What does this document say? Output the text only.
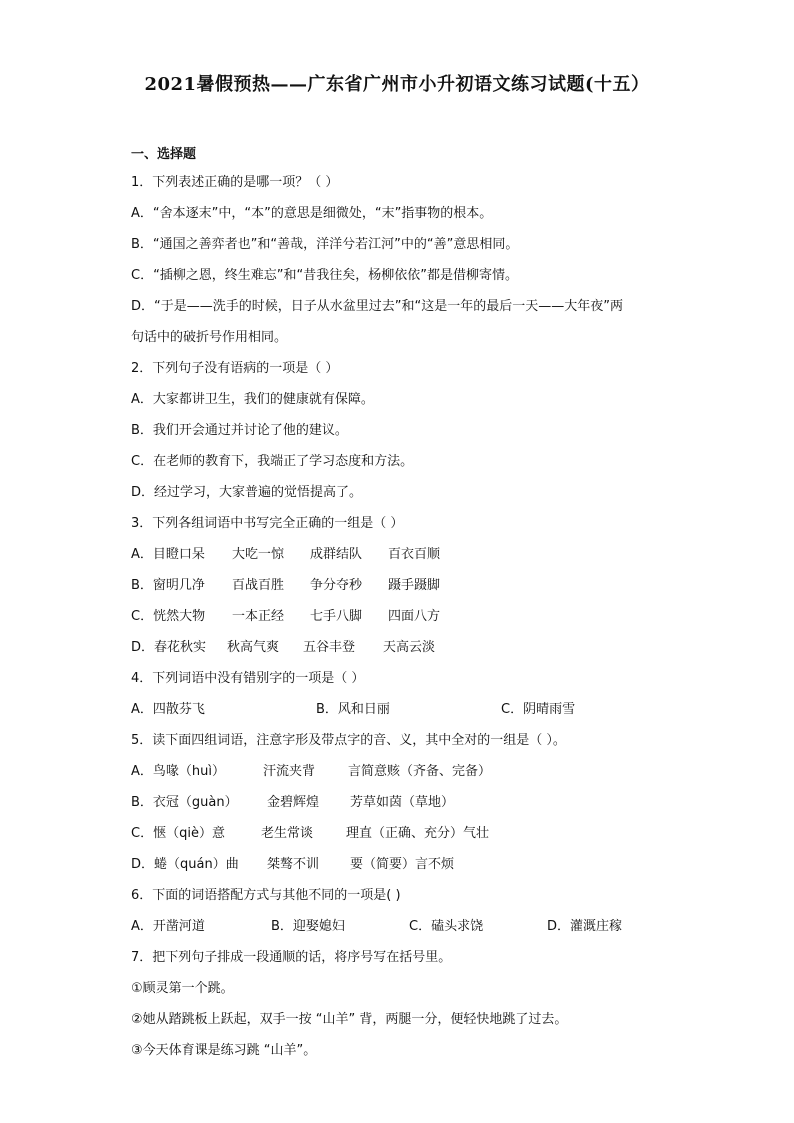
2021暑假预热——广东省广州市小升初语文练习试题(十五）
一、选择题
1．下列表述正确的是哪一项？（ ）
A．“舍本逐末”中，“本”的意思是细微处，“末”指事物的根本。
B．“通国之善弈者也”和“善哉，洋洋兮若江河”中的“善”意思相同。
C．“插柳之恩，终生难忘”和“昔我往矣，杨柳依依”都是借柳寄情。
D．“于是——洗手的时候，日子从水盆里过去”和“这是一年的最后一天——大年夜”两
句话中的破折号作用相同。
2．下列句子没有语病的一项是（ ）
A．大家都讲卫生，我们的健康就有保障。
B．我们开会通过并讨论了他的建议。
C．在老师的教育下，我端正了学习态度和方法。
D．经过学习，大家普遍的觉悟提高了。
3．下列各组词语中书写完全正确的一组是（ ）
A．目瞪口呆 大吃一惊 成群结队 百衣百顺
B．窗明几净 百战百胜 争分夺秒 蹑手蹑脚
C．恍然大物 一本正经 七手八脚 四面八方
D．春花秋实 秋高气爽 五谷丰登 天高云淡
4．下列词语中没有错别字的一项是（ ）
A．四散芬飞	B．风和日丽	C．阴晴雨雪
5．读下面四组词语，注意字形及带点字的音、义，其中全对的一组是（ ）。
A．鸟喙（huì）	汗流夹背	言简意赅（齐备、完备）
B．衣冠（guàn） 金碧辉煌 芳草如茵（草地）
C．惬（qiè）意	老生常谈	理直（正确、充分）气壮
D．蜷（quán）曲 桀骜不训 要（简要）言不烦
6．下面的词语搭配方式与其他不同的一项是( )
A．开凿河道	B．迎娶媳妇	C．磕头求饶	D．灌溉庄稼
7．把下列句子排成一段通顺的话，将序号写在括号里。
①顾灵第一个跳。
②她从踏跳板上跃起，双手一按 “山羊” 背，两腿一分，便轻快地跳了过去。
③今天体育课是练习跳 “山羊”。
